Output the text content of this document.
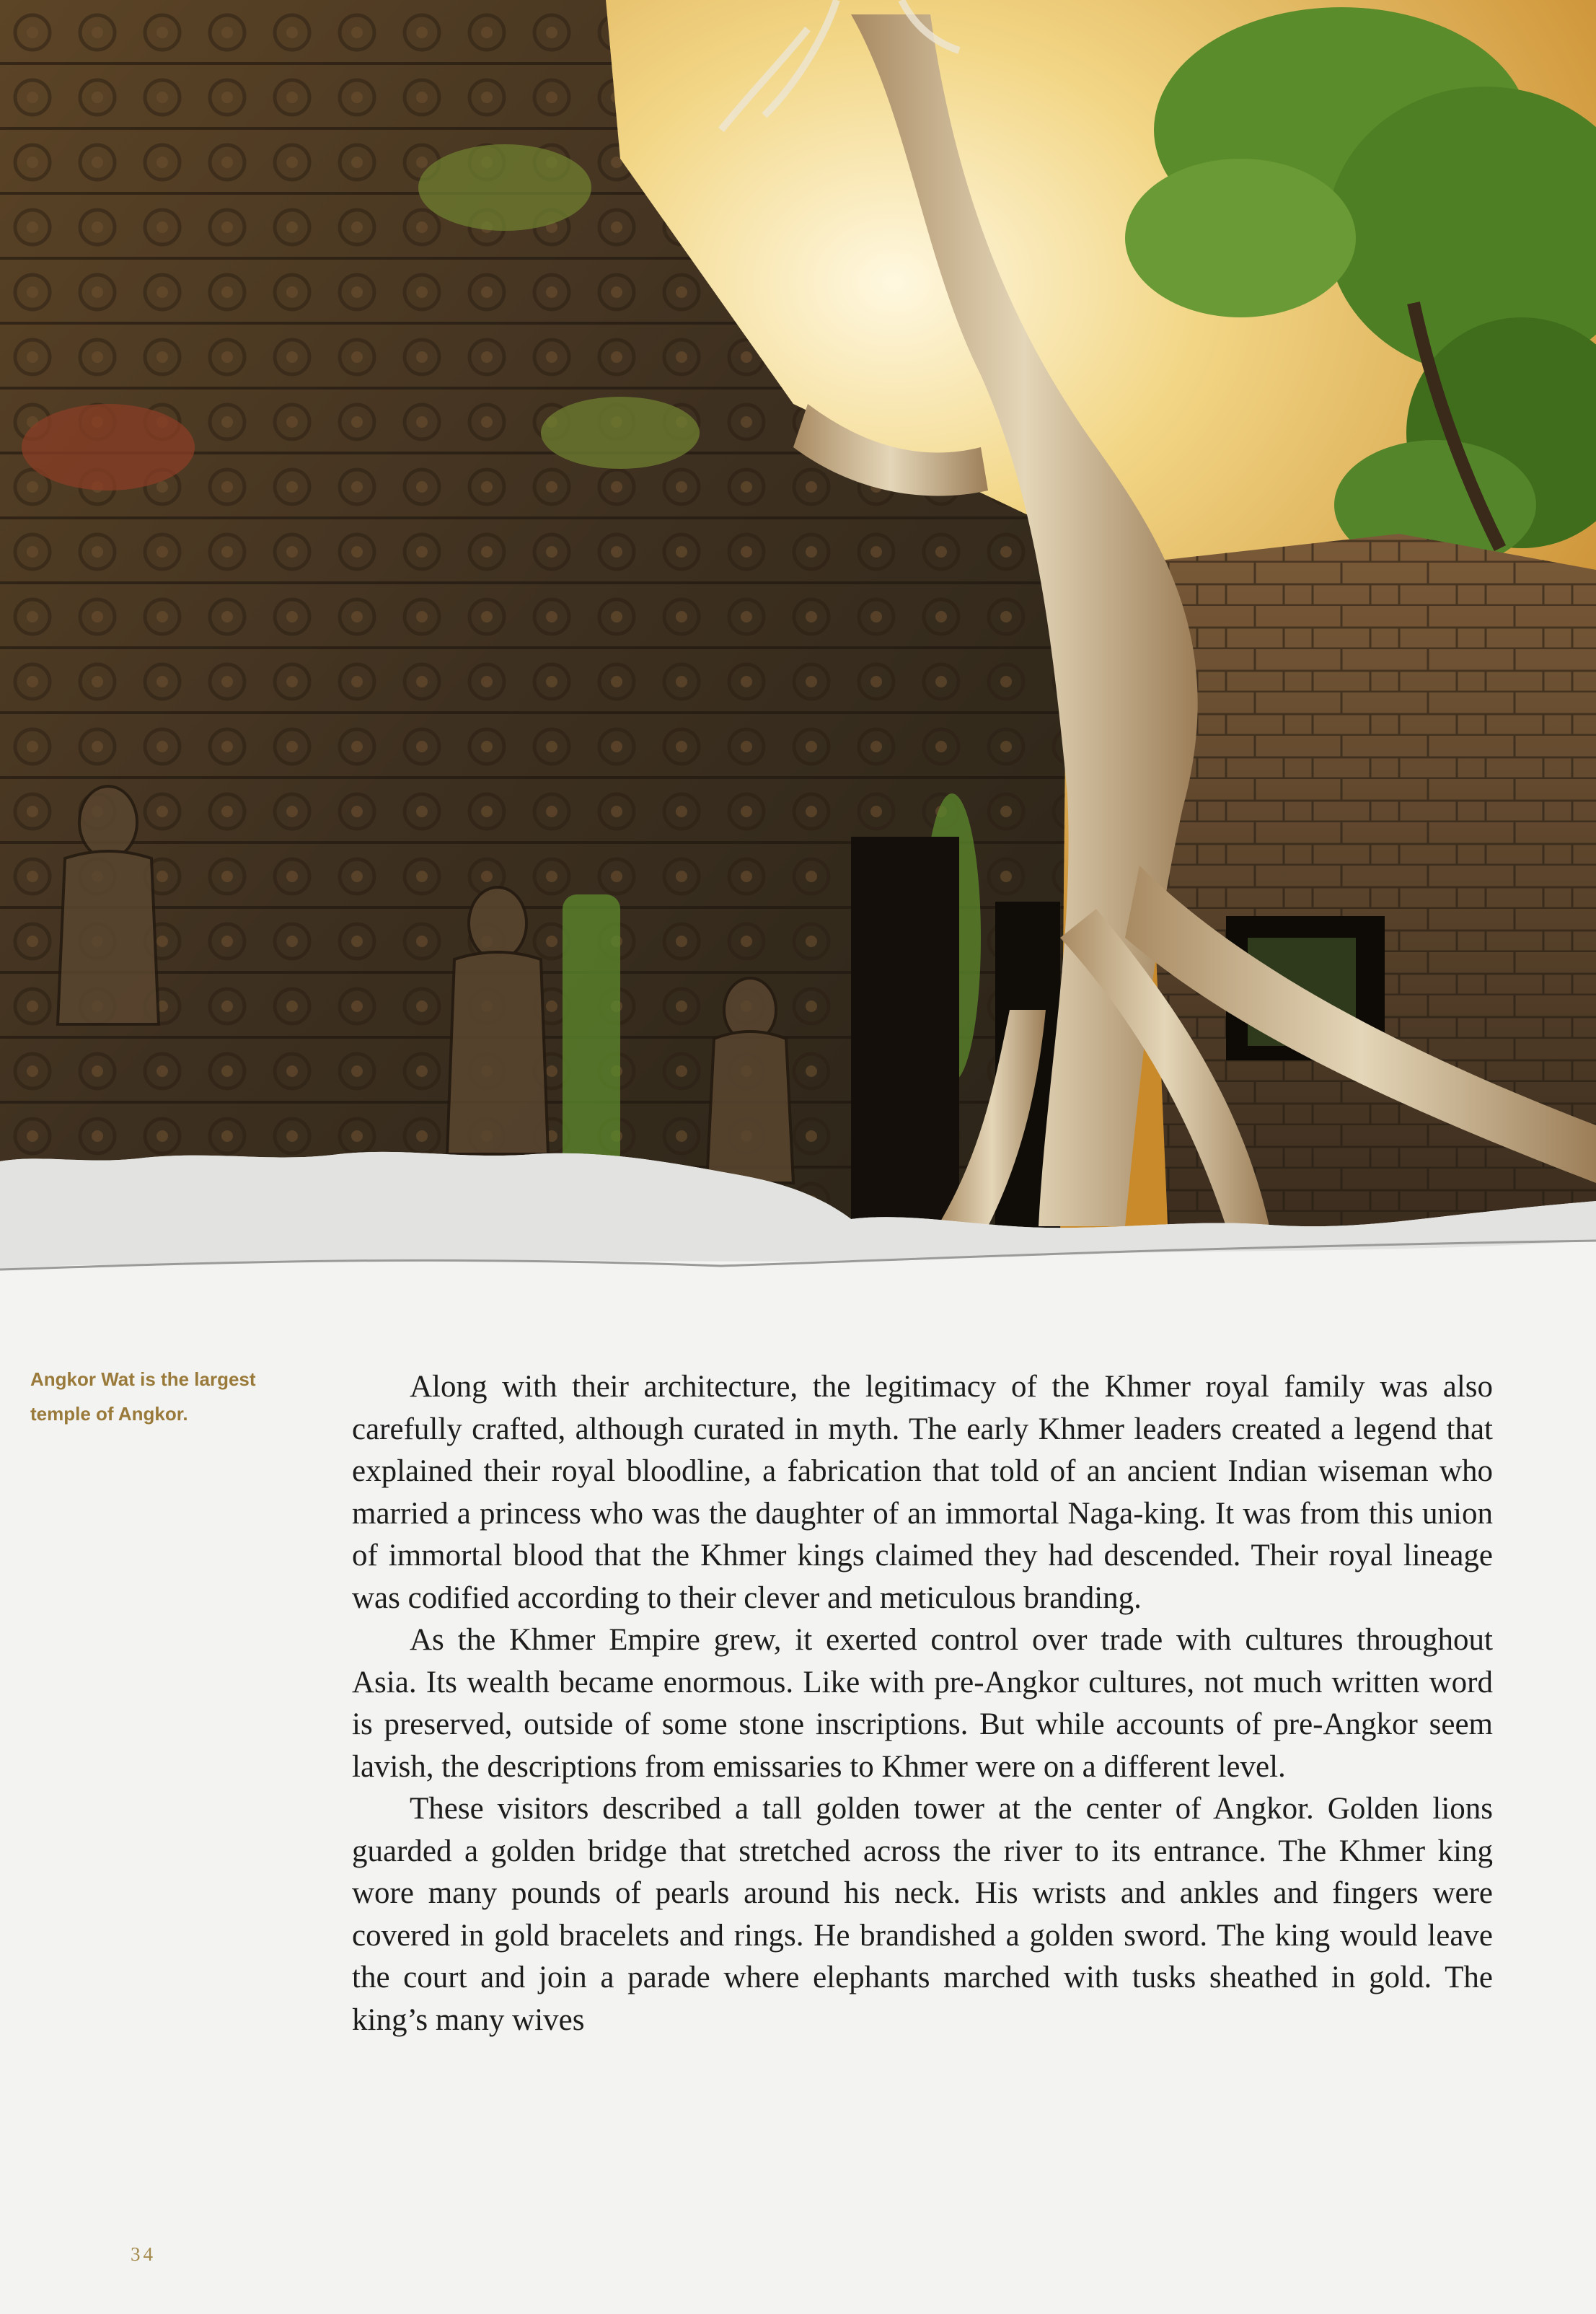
Angkor Wat is the largest temple of Angkor.

Along with their architecture, the legitimacy of the Khmer royal family was also carefully crafted, although curated in myth. The early Khmer leaders created a legend that explained their royal bloodline, a fabrication that told of an ancient Indian wiseman who married a princess who was the daughter of an immortal Naga-king. It was from this union of immortal blood that the Khmer kings claimed they had descended. Their royal lineage was codified according to their clever and meticulous branding.

As the Khmer Empire grew, it exerted control over trade with cultures throughout Asia. Its wealth became enormous. Like with pre-Angkor cultures, not much written word is preserved, outside of some stone inscriptions. But while accounts of pre-Angkor seem lavish, the descriptions from emissaries to Khmer were on a different level.

These visitors described a tall golden tower at the center of Angkor. Golden lions guarded a golden bridge that stretched across the river to its entrance. The Khmer king wore many pounds of pearls around his neck. His wrists and ankles and fingers were covered in gold bracelets and rings. He brandished a golden sword. The king would leave the court and join a parade where elephants marched with tusks sheathed in gold. The king’s many wives

34
